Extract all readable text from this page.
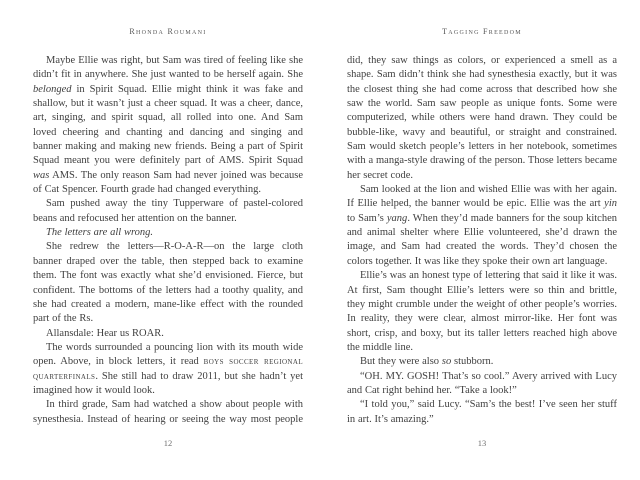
Rhonda Roumani

Maybe Ellie was right, but Sam was tired of feeling like she didn’t fit in anywhere. She just wanted to be herself again. She belonged in Spirit Squad. Ellie might think it was fake and shallow, but it wasn’t just a cheer squad. It was a cheer, dance, art, singing, and spirit squad, all rolled into one. And Sam loved cheering and chanting and dancing and singing and banner making and making new friends. Being a part of Spirit Squad meant you were definitely part of AMS. Spirit Squad was AMS. The only reason Sam had never joined was because of Cat Spencer. Fourth grade had changed everything.

Sam pushed away the tiny Tupperware of pastel-colored beans and refocused her attention on the banner.

The letters are all wrong.

She redrew the letters—R-O-A-R—on the large cloth banner draped over the table, then stepped back to examine them. The font was exactly what she’d envisioned. Fierce, but confident. The bottoms of the letters had a toothy quality, and she had created a modern, mane-like effect with the rounded part of the Rs.

Allansdale: Hear us ROAR.

The words surrounded a pouncing lion with its mouth wide open. Above, in block letters, it read boys soccer regional quarterfinals. She still had to draw 2011, but she hadn’t yet imagined how it would look.

In third grade, Sam had watched a show about people with synesthesia. Instead of hearing or seeing the way most people

12
Tagging Freedom

did, they saw things as colors, or experienced a smell as a shape. Sam didn’t think she had synesthesia exactly, but it was the closest thing she had come across that described how she saw the world. Sam saw people as unique fonts. Some were computerized, while others were hand drawn. They could be bubble-like, wavy and beautiful, or straight and constrained. Sam would sketch people’s letters in her notebook, sometimes with a manga-style drawing of the person. Those letters became her secret code.

Sam looked at the lion and wished Ellie was with her again. If Ellie helped, the banner would be epic. Ellie was the art yin to Sam’s yang. When they’d made banners for the soup kitchen and animal shelter where Ellie volunteered, she’d drawn the image, and Sam had created the words. They’d chosen the colors together. It was like they spoke their own art language.

Ellie’s was an honest type of lettering that said it like it was. At first, Sam thought Ellie’s letters were so thin and brittle, they might crumble under the weight of other people’s worries. In reality, they were clear, almost mirror-like. Her font was short, crisp, and boxy, but its taller letters reached high above the middle line.

But they were also so stubborn.

“OH. MY. GOSH! That’s so cool.” Avery arrived with Lucy and Cat right behind her. “Take a look!”

“I told you,” said Lucy. “Sam’s the best! I’ve seen her stuff in art. It’s amazing.”

13
